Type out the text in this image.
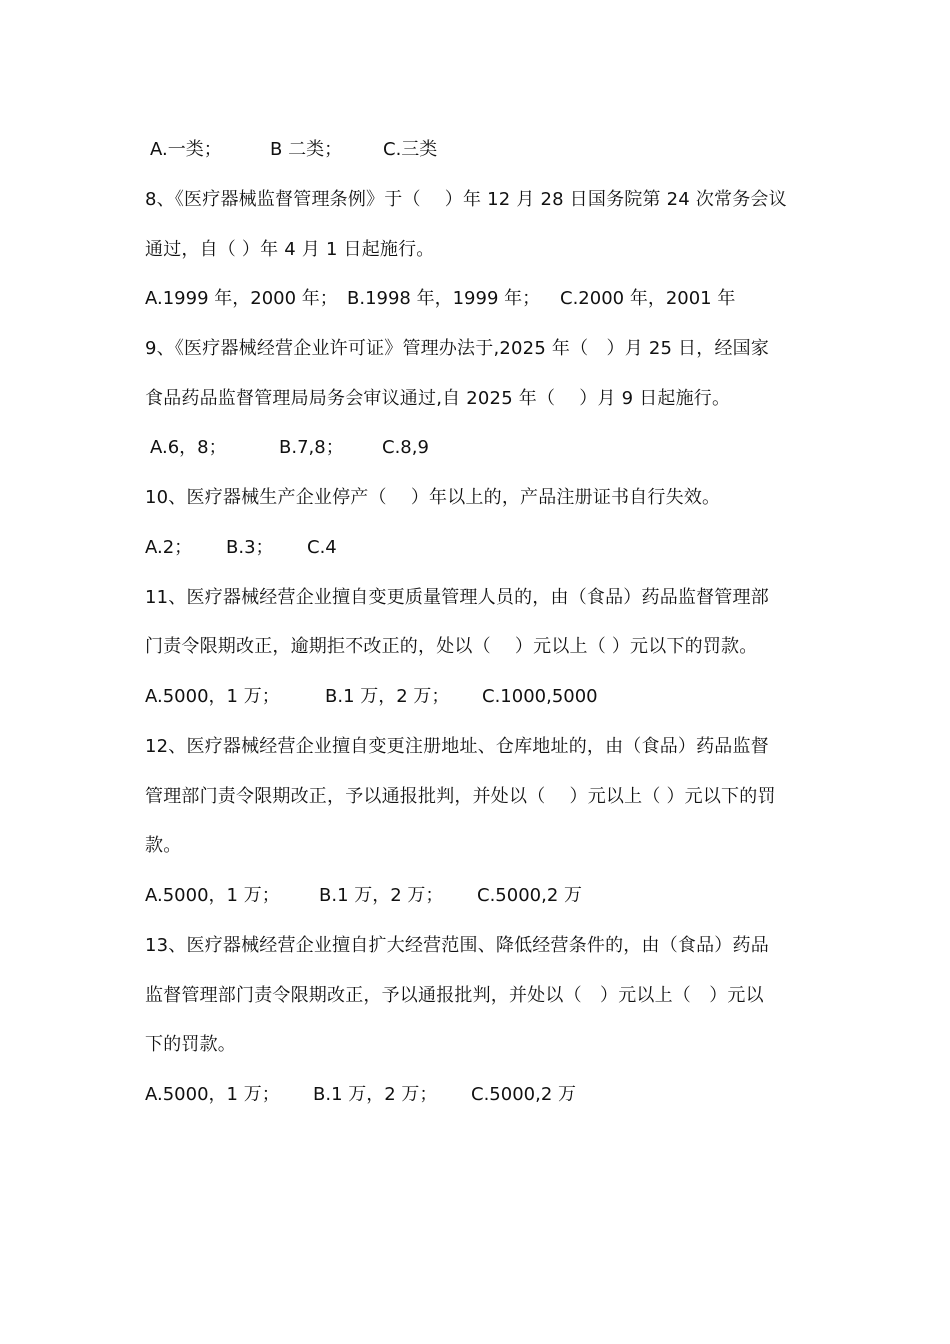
A.一类；	B 二类； C.三类
8、《医疗器械监督管理条例》于（　 ）年 12 月 28 日国务院第 24 次常务会议
通过，自（ ）年 4 月 1 日起施行。
A.1999 年，2000 年； B.1998 年，1999 年； C.2000 年，2001 年
9、《医疗器械经营企业许可证》管理办法于,2025 年（　）月 25 日，经国家
食品药品监督管理局局务会审议通过,自 2025 年（　 ）月 9 日起施行。
A.6，8；	B.7,8； C.8,9
10、医疗器械生产企业停产（　 ）年以上的，产品注册证书自行失效。
A.2； B.3； C.4
11、医疗器械经营企业擅自变更质量管理人员的，由（食品）药品监督管理部
门责令限期改正，逾期拒不改正的，处以（　 ）元以上（ ）元以下的罚款。
A.5000，1 万；	B.1 万，2 万； C.1000,5000
12、医疗器械经营企业擅自变更注册地址、仓库地址的，由（食品）药品监督
管理部门责令限期改正，予以通报批判，并处以（　 ）元以上（ ）元以下的罚
款。
A.5000，1 万； B.1 万，2 万； C.5000,2 万
13、医疗器械经营企业擅自扩大经营范围、降低经营条件的，由（食品）药品
监督管理部门责令限期改正，予以通报批判，并处以（　）元以上（　）元以
下的罚款。
A.5000，1 万； B.1 万，2 万； C.5000,2 万
